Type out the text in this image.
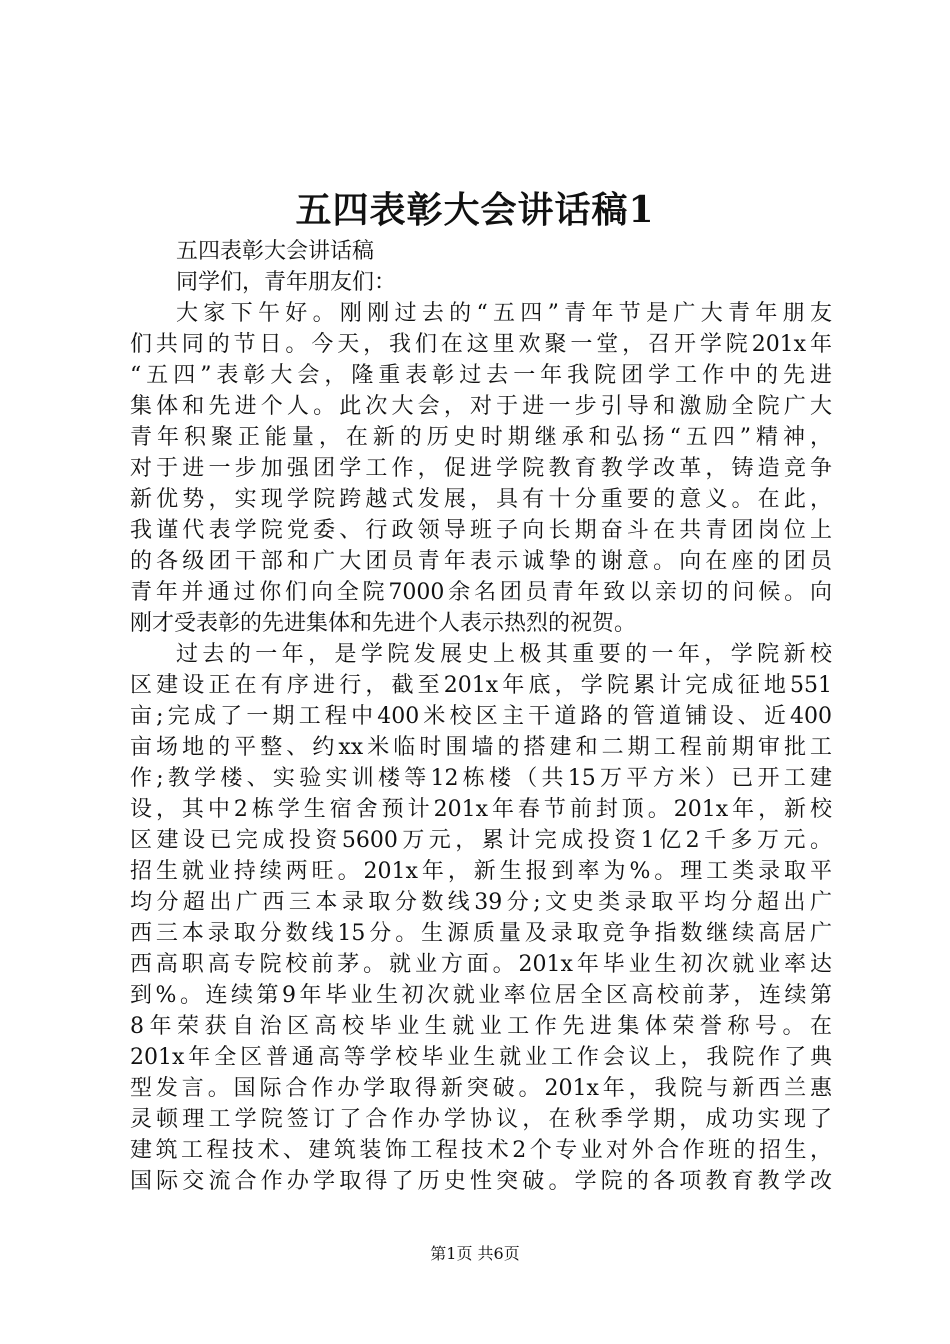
五四表彰大会讲话稿1

五四表彰大会讲话稿

同学们，青年朋友们：

大家下午好。刚刚过去的“五四”青年节是广大青年朋友

们共同的节日。今天，我们在这里欢聚一堂，召开学院201x年

“五四”表彰大会，隆重表彰过去一年我院团学工作中的先进

集体和先进个人。此次大会，对于进一步引导和激励全院广大

青年积聚正能量，在新的历史时期继承和弘扬“五四”精神，

对于进一步加强团学工作，促进学院教育教学改革，铸造竞争

新优势，实现学院跨越式发展，具有十分重要的意义。在此，

我谨代表学院党委、行政领导班子向长期奋斗在共青团岗位上

的各级团干部和广大团员青年表示诚挚的谢意。向在座的团员

青年并通过你们向全院7000余名团员青年致以亲切的问候。向

刚才受表彰的先进集体和先进个人表示热烈的祝贺。

过去的一年，是学院发展史上极其重要的一年，学院新校

区建设正在有序进行，截至201x年底，学院累计完成征地551

亩;完成了一期工程中400米校区主干道路的管道铺设、近400

亩场地的平整、约xx米临时围墙的搭建和二期工程前期审批工

作;教学楼、实验实训楼等12栋楼（共15万平方米）已开工建

设，其中2栋学生宿舍预计201x年春节前封顶。201x年，新校

区建设已完成投资5600万元，累计完成投资1亿2千多万元。

招生就业持续两旺。201x年，新生报到率为%。理工类录取平

均分超出广西三本录取分数线39分;文史类录取平均分超出广

西三本录取分数线15分。生源质量及录取竞争指数继续高居广

西高职高专院校前茅。就业方面。201x年毕业生初次就业率达

到%。连续第9年毕业生初次就业率位居全区高校前茅，连续第

8年荣获自治区高校毕业生就业工作先进集体荣誉称号。在

201x年全区普通高等学校毕业生就业工作会议上，我院作了典

型发言。国际合作办学取得新突破。201x年，我院与新西兰惠

灵顿理工学院签订了合作办学协议，在秋季学期，成功实现了

建筑工程技术、建筑装饰工程技术2个专业对外合作班的招生，

国际交流合作办学取得了历史性突破。学院的各项教育教学改

第1页 共6页
